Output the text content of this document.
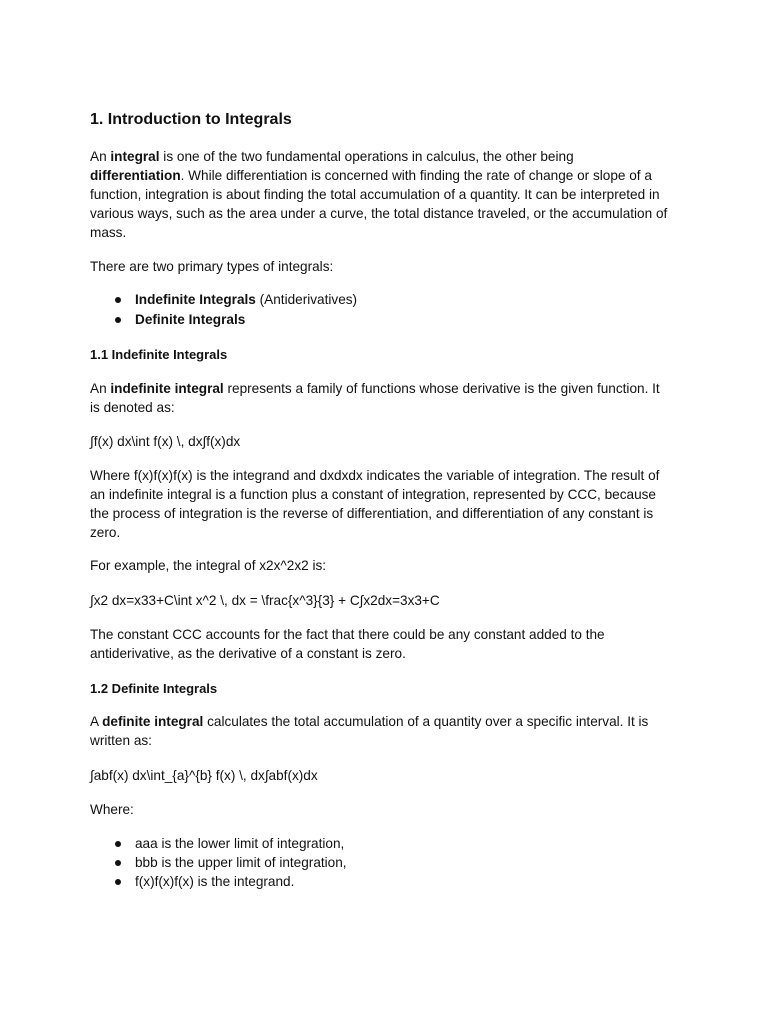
1. Introduction to Integrals
An integral is one of the two fundamental operations in calculus, the other being
differentiation. While differentiation is concerned with finding the rate of change or slope of a
function, integration is about finding the total accumulation of a quantity. It can be interpreted in
various ways, such as the area under a curve, the total distance traveled, or the accumulation of
mass.
There are two primary types of integrals:
Indefinite Integrals (Antiderivatives)
Definite Integrals
1.1 Indefinite Integrals
An indefinite integral represents a family of functions whose derivative is the given function. It
is denoted as:
∫f(x) dx\int f(x) \, dx∫f(x)dx
Where f(x)f(x)f(x) is the integrand and dxdxdx indicates the variable of integration. The result of
an indefinite integral is a function plus a constant of integration, represented by CCC, because
the process of integration is the reverse of differentiation, and differentiation of any constant is
zero.
For example, the integral of x2x^2x2 is:
∫x2 dx=x33+C\int x^2 \, dx = \frac{x^3}{3} + C∫x2dx=3x3+C
The constant CCC accounts for the fact that there could be any constant added to the
antiderivative, as the derivative of a constant is zero.
1.2 Definite Integrals
A definite integral calculates the total accumulation of a quantity over a specific interval. It is
written as:
∫abf(x) dx\int_{a}^{b} f(x) \, dx∫abf(x)dx
Where:
aaa is the lower limit of integration,
bbb is the upper limit of integration,
f(x)f(x)f(x) is the integrand.
